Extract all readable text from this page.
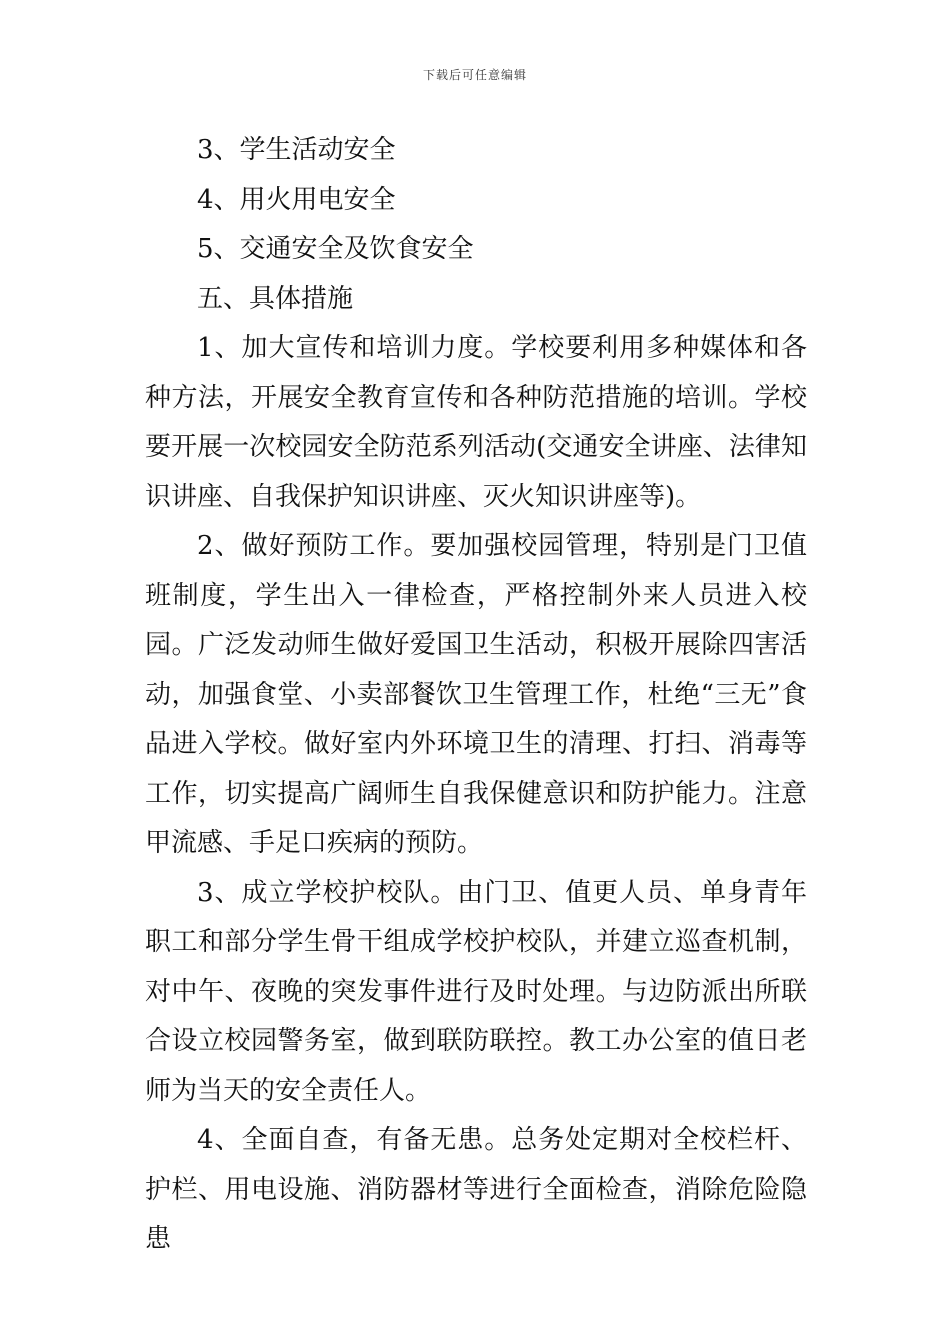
下载后可任意编辑

3、学生活动安全

4、用火用电安全

5、交通安全及饮食安全

五、具体措施

1、加大宣传和培训力度。学校要利用多种媒体和各种方法，开展安全教育宣传和各种防范措施的培训。学校要开展一次校园安全防范系列活动(交通安全讲座、法律知识讲座、自我保护知识讲座、灭火知识讲座等)。

2、做好预防工作。要加强校园管理，特别是门卫值班制度，学生出入一律检查，严格控制外来人员进入校园。广泛发动师生做好爱国卫生活动，积极开展除四害活动，加强食堂、小卖部餐饮卫生管理工作，杜绝“三无”食品进入学校。做好室内外环境卫生的清理、打扫、消毒等工作，切实提高广阔师生自我保健意识和防护能力。注意甲流感、手足口疾病的预防。

3、成立学校护校队。由门卫、值更人员、单身青年职工和部分学生骨干组成学校护校队，并建立巡查机制，对中午、夜晚的突发事件进行及时处理。与边防派出所联合设立校园警务室，做到联防联控。教工办公室的值日老师为当天的安全责任人。

4、全面自查，有备无患。总务处定期对全校栏杆、护栏、用电设施、消防器材等进行全面检查，消除危险隐患
